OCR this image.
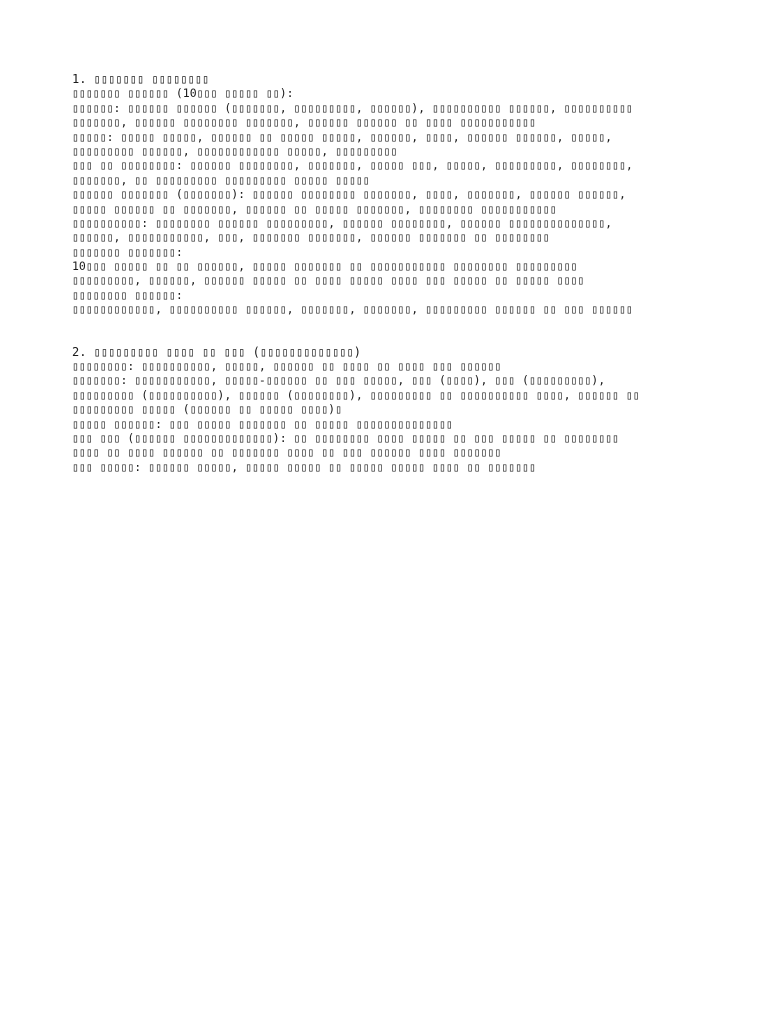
1. ▯▯▯▯▯▯▯ ▯▯▯▯▯▯▯▯
▯▯▯▯▯▯▯ ▯▯▯▯▯▯ (10▯▯▯ ▯▯▯▯▯ ▯▯):
▯▯▯▯▯▯: ▯▯▯▯▯▯ ▯▯▯▯▯▯ (▯▯▯▯▯▯▯, ▯▯▯▯▯▯▯▯▯, ▯▯▯▯▯▯), ▯▯▯▯▯▯▯▯▯▯ ▯▯▯▯▯▯, ▯▯▯▯▯▯▯▯▯▯
▯▯▯▯▯▯▯, ▯▯▯▯▯▯ ▯▯▯▯▯▯▯▯ ▯▯▯▯▯▯▯, ▯▯▯▯▯▯ ▯▯▯▯▯▯ ▯▯ ▯▯▯▯ ▯▯▯▯▯▯▯▯▯▯▯
▯▯▯▯▯: ▯▯▯▯▯ ▯▯▯▯▯, ▯▯▯▯▯▯ ▯▯ ▯▯▯▯▯ ▯▯▯▯▯, ▯▯▯▯▯▯, ▯▯▯▯, ▯▯▯▯▯▯ ▯▯▯▯▯▯, ▯▯▯▯▯,
▯▯▯▯▯▯▯▯▯ ▯▯▯▯▯▯, ▯▯▯▯▯▯▯▯▯▯▯▯ ▯▯▯▯▯, ▯▯▯▯▯▯▯▯▯
▯▯▯ ▯▯ ▯▯▯▯▯▯▯▯: ▯▯▯▯▯▯ ▯▯▯▯▯▯▯▯, ▯▯▯▯▯▯▯, ▯▯▯▯▯ ▯▯▯, ▯▯▯▯▯, ▯▯▯▯▯▯▯▯▯, ▯▯▯▯▯▯▯▯,
▯▯▯▯▯▯▯, ▯▯ ▯▯▯▯▯▯▯▯▯ ▯▯▯▯▯▯▯▯▯ ▯▯▯▯▯ ▯▯▯▯▯
▯▯▯▯▯▯ ▯▯▯▯▯▯▯ (▯▯▯▯▯▯▯): ▯▯▯▯▯▯ ▯▯▯▯▯▯▯▯ ▯▯▯▯▯▯▯, ▯▯▯▯, ▯▯▯▯▯▯▯, ▯▯▯▯▯▯ ▯▯▯▯▯▯,
▯▯▯▯▯ ▯▯▯▯▯▯ ▯▯ ▯▯▯▯▯▯▯, ▯▯▯▯▯▯ ▯▯ ▯▯▯▯▯ ▯▯▯▯▯▯▯, ▯▯▯▯▯▯▯▯ ▯▯▯▯▯▯▯▯▯▯▯
▯▯▯▯▯▯▯▯▯▯: ▯▯▯▯▯▯▯▯ ▯▯▯▯▯▯ ▯▯▯▯▯▯▯▯▯, ▯▯▯▯▯▯ ▯▯▯▯▯▯▯▯, ▯▯▯▯▯▯ ▯▯▯▯▯▯▯▯▯▯▯▯▯▯,
▯▯▯▯▯▯, ▯▯▯▯▯▯▯▯▯▯▯, ▯▯▯, ▯▯▯▯▯▯▯ ▯▯▯▯▯▯▯, ▯▯▯▯▯▯ ▯▯▯▯▯▯▯ ▯▯ ▯▯▯▯▯▯▯▯
▯▯▯▯▯▯▯ ▯▯▯▯▯▯▯:
10▯▯▯ ▯▯▯▯▯ ▯▯ ▯▯ ▯▯▯▯▯▯, ▯▯▯▯▯ ▯▯▯▯▯▯▯ ▯▯ ▯▯▯▯▯▯▯▯▯▯▯ ▯▯▯▯▯▯▯▯ ▯▯▯▯▯▯▯▯▯
▯▯▯▯▯▯▯▯▯, ▯▯▯▯▯▯, ▯▯▯▯▯▯ ▯▯▯▯▯ ▯▯ ▯▯▯▯ ▯▯▯▯▯ ▯▯▯▯ ▯▯▯ ▯▯▯▯▯ ▯▯ ▯▯▯▯▯ ▯▯▯▯
▯▯▯▯▯▯▯▯ ▯▯▯▯▯▯:
▯▯▯▯▯▯▯▯▯▯▯▯, ▯▯▯▯▯▯▯▯▯▯ ▯▯▯▯▯▯, ▯▯▯▯▯▯▯, ▯▯▯▯▯▯▯, ▯▯▯▯▯▯▯▯▯ ▯▯▯▯▯▯ ▯▯ ▯▯▯ ▯▯▯▯▯▯
2. ▯▯▯▯▯▯▯▯▯ ▯▯▯▯ ▯▯ ▯▯▯ (▯▯▯▯▯▯▯▯▯▯▯▯▯)
▯▯▯▯▯▯▯▯: ▯▯▯▯▯▯▯▯▯▯, ▯▯▯▯▯, ▯▯▯▯▯▯ ▯▯ ▯▯▯▯ ▯▯ ▯▯▯▯ ▯▯▯ ▯▯▯▯▯▯
▯▯▯▯▯▯▯: ▯▯▯▯▯▯▯▯▯▯▯, ▯▯▯▯▯-▯▯▯▯▯▯ ▯▯ ▯▯▯ ▯▯▯▯▯, ▯▯▯ (▯▯▯▯), ▯▯▯ (▯▯▯▯▯▯▯▯▯),
▯▯▯▯▯▯▯▯▯ (▯▯▯▯▯▯▯▯▯▯), ▯▯▯▯▯▯ (▯▯▯▯▯▯▯▯), ▯▯▯▯▯▯▯▯▯ ▯▯ ▯▯▯▯▯▯▯▯▯▯ ▯▯▯▯, ▯▯▯▯▯▯ ▯▯
▯▯▯▯▯▯▯▯▯ ▯▯▯▯▯ (▯▯▯▯▯▯ ▯▯ ▯▯▯▯▯ ▯▯▯▯)▯
▯▯▯▯▯ ▯▯▯▯▯▯: ▯▯▯ ▯▯▯▯▯ ▯▯▯▯▯▯▯ ▯▯ ▯▯▯▯▯ ▯▯▯▯▯▯▯▯▯▯▯▯▯▯
▯▯▯ ▯▯▯ (▯▯▯▯▯▯ ▯▯▯▯▯▯▯▯▯▯▯▯▯): ▯▯ ▯▯▯▯▯▯▯▯ ▯▯▯▯ ▯▯▯▯▯ ▯▯ ▯▯▯ ▯▯▯▯▯ ▯▯ ▯▯▯▯▯▯▯▯
▯▯▯▯ ▯▯ ▯▯▯▯ ▯▯▯▯▯▯ ▯▯ ▯▯▯▯▯▯▯ ▯▯▯▯ ▯▯ ▯▯▯ ▯▯▯▯▯▯ ▯▯▯▯ ▯▯▯▯▯▯▯
▯▯▯ ▯▯▯▯▯: ▯▯▯▯▯▯ ▯▯▯▯▯, ▯▯▯▯▯ ▯▯▯▯▯ ▯▯ ▯▯▯▯▯ ▯▯▯▯▯ ▯▯▯▯ ▯▯ ▯▯▯▯▯▯▯
